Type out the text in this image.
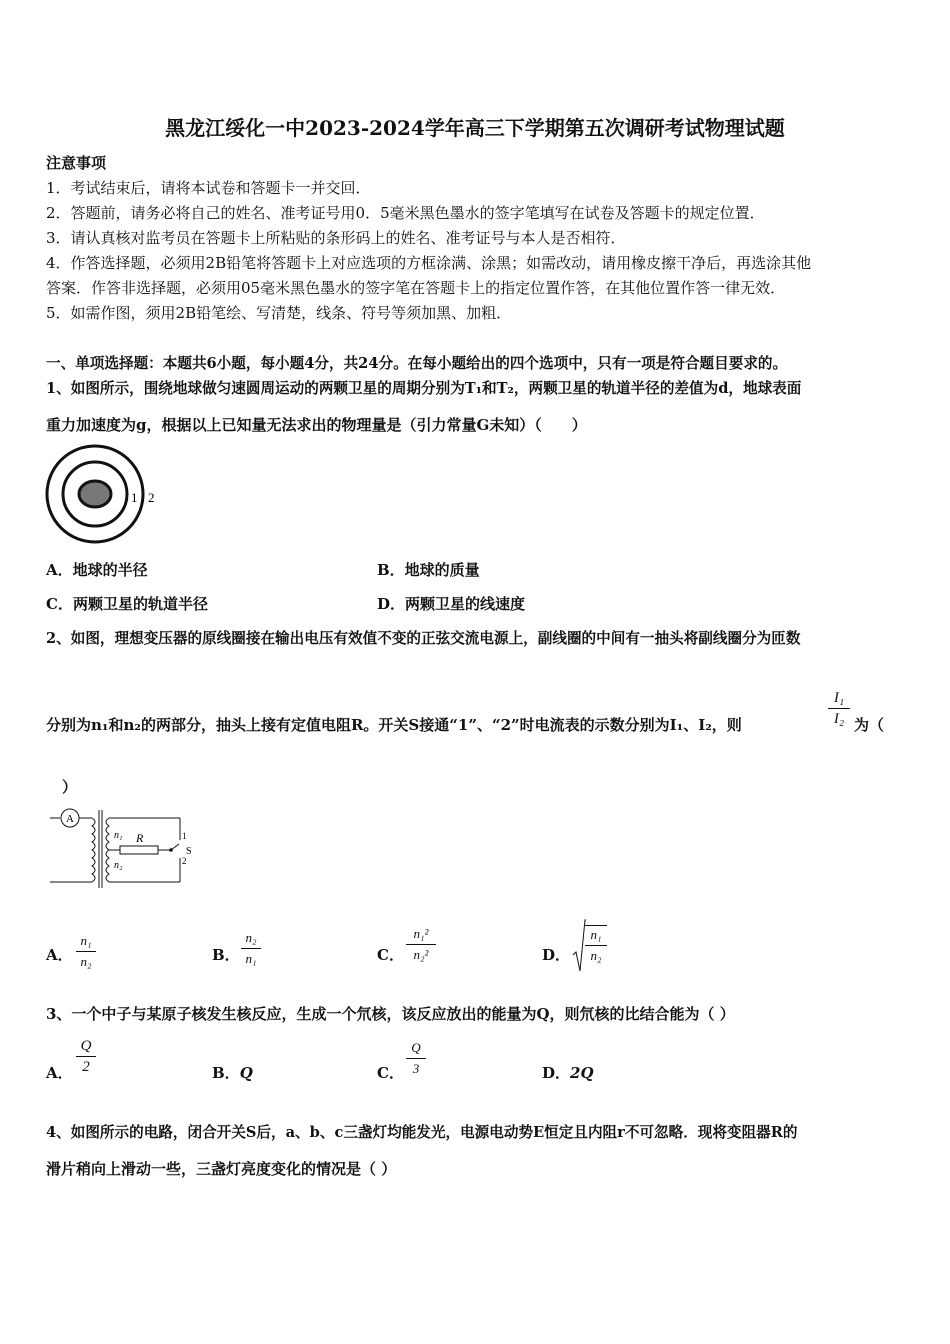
黑龙江绥化一中2023-2024学年高三下学期第五次调研考试物理试题
注意事项
1．考试结束后，请将本试卷和答题卡一并交回．
2．答题前，请务必将自己的姓名、准考证号用0．5毫米黑色墨水的签字笔填写在试卷及答题卡的规定位置．
3．请认真核对监考员在答题卡上所粘贴的条形码上的姓名、准考证号与本人是否相符．
4．作答选择题，必须用2B铅笔将答题卡上对应选项的方框涂满、涂黑；如需改动，请用橡皮擦干净后，再选涂其他
答案．作答非选择题，必须用05毫米黑色墨水的签字笔在答题卡上的指定位置作答，在其他位置作答一律无效．
5．如需作图，须用2B铅笔绘、写清楚，线条、符号等须加黑、加粗．
一、单项选择题：本题共6小题，每小题4分，共24分。在每小题给出的四个选项中，只有一项是符合题目要求的。
1、如图所示，围绕地球做匀速圆周运动的两颗卫星的周期分别为T₁和T₂，两颗卫星的轨道半径的差值为d，地球表面
重力加速度为g，根据以上已知量无法求出的物理量是（引力常量G未知）（　　）
1 2
A．地球的半径	B．地球的质量
C．两颗卫星的轨道半径	D．两颗卫星的线速度
2、如图，理想变压器的原线圈接在输出电压有效值不变的正弦交流电源上，副线圈的中间有一抽头将副线圈分为匝数
分别为n₁和n₂的两部分，抽头上接有定值电阻R。开关S接通“1”、“2”时电流表的示数分别为I₁、I₂，则
I₁
I₂ 为（
）
A
R
n₁
n₂
1
2
S
A．
n₁
n₂	B．
n₂
n₁	C．
n₁²
n₂²	D．
n₁
n₂
3、一个中子与某原子核发生核反应，生成一个氘核，该反应放出的能量为Q，则氘核的比结合能为（ ）
A．
Q
2	B．Q	C．
Q
3	D．2Q
4、如图所示的电路，闭合开关S后，a、b、c三盏灯均能发光，电源电动势E恒定且内阻r不可忽略．现将变阻器R的
滑片稍向上滑动一些，三盏灯亮度变化的情况是（ ）
